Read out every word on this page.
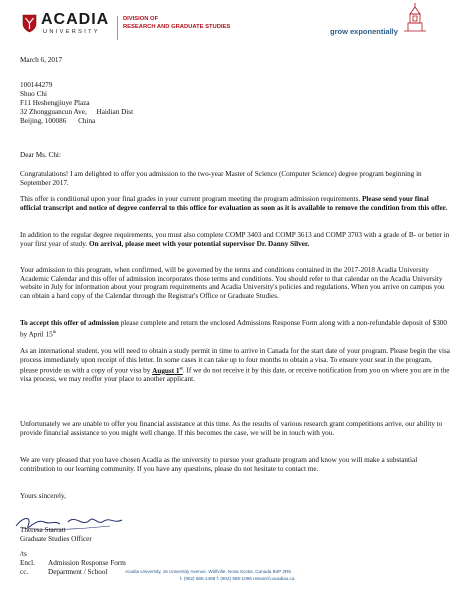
ACADIA
UNIVERSITY
DIVISION OF
RESEARCH AND GRADUATE STUDIES
grow exponentially
March 6, 2017
100144279
Shuo Chi
F11 Heshengjiuye Plaza
32 Zhongguancun Ave, Haidian Dist
Beijing, 100086 China
Dear Ms. Chi:
Congratulations! I am delighted to offer you admission to the two-year Master of Science (Computer Science) degree program beginning in September 2017.
This offer is conditional upon your final grades in your current program meeting the program admission requirements. Please send your final official transcript and notice of degree conferral to this office for evaluation as soon as it is available to remove the condition from this offer.
In addition to the regular degree requirements, you must also complete COMP 3403 and COMP 3613 and COMP 3703 with a grade of B- or better in your first year of study. On arrival, please meet with your potential supervisor Dr. Danny Silver.
Your admission to this program, when confirmed, will be governed by the terms and conditions contained in the 2017-2018 Acadia University Academic Calendar and this offer of admission incorporates those terms and conditions. You should refer to that calendar on the Acadia University website in July for information about your program requirements and Acadia University's policies and regulations. When you arrive on campus you can obtain a hard copy of the Calendar through the Registrar's Office or Graduate Studies.
To accept this offer of admission please complete and return the enclosed Admissions Response Form along with a non-refundable deposit of $300 by April 15th
As an international student, you will need to obtain a study permit in time to arrive in Canada for the start date of your program. Please begin the visa process immediately upon receipt of this letter. In some cases it can take up to four months to obtain a visa. To ensure your seat in the program, please provide us with a copy of your visa by August 1st. If we do not receive it by this date, or receive notification from you on where you are in the visa process, we may reoffer your place to another applicant.
Unfortunately we are unable to offer you financial assistance at this time. As the results of various research grant competitions arrive, our ability to provide financial assistance to you might well change. If this becomes the case, we will be in touch with you.
We are very pleased that you have chosen Acadia as the university to pursue your graduate program and know you will make a substantial contribution to our learning community. If you have any questions, please do not hesitate to contact me.
Yours sincerely,
Theresa Starratt
Graduate Studies Officer
/ts
Encl. Admission Response Form
cc.	Department / School	Acadia University, 15 University Avenue, Wolfville, Nova Scotia, Canada B4P 2R6
t: (902) 585-1498 f: (902) 585-1096 research.acadiau.ca
